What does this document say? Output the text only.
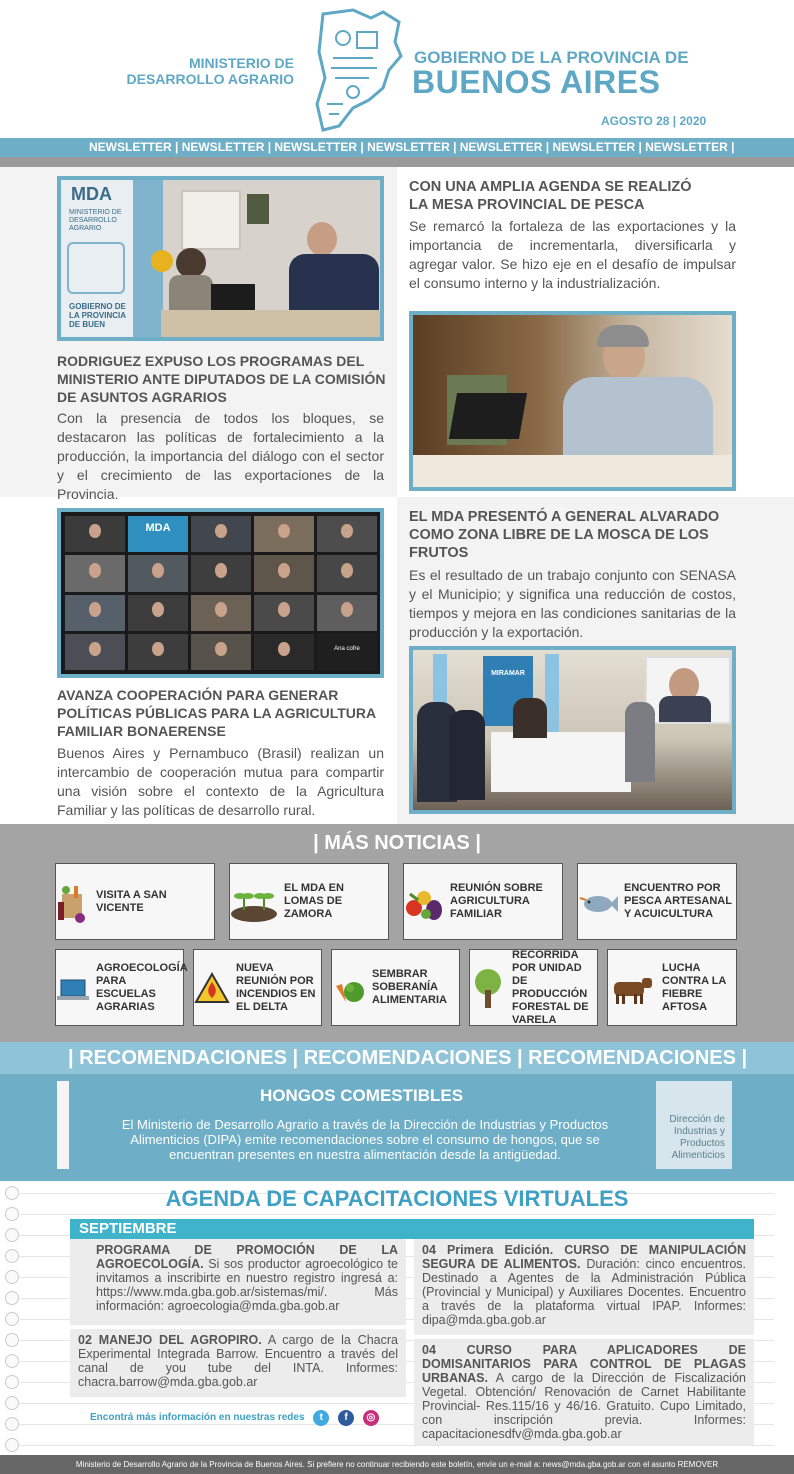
MINISTERIO DE
DESARROLLO AGRARIO
GOBIERNO DE LA PROVINCIA DE
BUENOS AIRES
AGOSTO 28 | 2020
NEWSLETTER | NEWSLETTER | NEWSLETTER | NEWSLETTER | NEWSLETTER | NEWSLETTER | NEWSLETTER |
MDA
MINISTERIO DE DESARROLLO AGRARIO
GOBIERNO DE LA PROVINCIA DE BUEN
RODRIGUEZ EXPUSO LOS PROGRAMAS DEL MINISTERIO ANTE DIPUTADOS DE LA COMISIÓN DE ASUNTOS AGRARIOS
Con la presencia de todos los bloques, se destacaron las políticas de fortalecimiento a la producción, la importancia del diálogo con el sector y el crecimiento de las exportaciones de la Provincia.
CON UNA AMPLIA AGENDA SE REALIZÓ LA MESA PROVINCIAL DE PESCA
Se remarcó la fortaleza de las exportaciones y la importancia de incrementarla, diversificarla y agregar valor. Se hizo eje en el desafío de impulsar el consumo interno y la industrialización.
MDA
Ana cofre
AVANZA COOPERACIÓN PARA GENERAR POLÍTICAS PÚBLICAS PARA LA AGRICULTURA FAMILIAR BONAERENSE
Buenos Aires y Pernambuco (Brasil) realizan un intercambio de cooperación mutua para compartir una visión sobre el contexto de la Agricultura Familiar y las políticas de desarrollo rural.
EL MDA PRESENTÓ A GENERAL ALVARADO COMO ZONA LIBRE DE LA MOSCA DE LOS FRUTOS
Es el resultado de un trabajo conjunto con SENASA y el Municipio; y significa una reducción de costos, tiempos y mejora en las condiciones sanitarias de la producción y la exportación.
MIRAMAR
| MÁS NOTICIAS |
VISITA A SAN VICENTE
EL MDA EN LOMAS DE ZAMORA
REUNIÓN SOBRE AGRICULTURA FAMILIAR
ENCUENTRO POR PESCA ARTESANAL Y ACUICULTURA
AGROECOLOGÍA PARA ESCUELAS AGRARIAS
NUEVA REUNIÓN POR INCENDIOS EN EL DELTA
SEMBRAR SOBERANÍA ALIMENTARIA
RECORRIDA POR UNIDAD DE PRODUCCIÓN FORESTAL DE VARELA
LUCHA CONTRA LA FIEBRE AFTOSA
| RECOMENDACIONES | RECOMENDACIONES | RECOMENDACIONES |
HONGOS COMESTIBLES
El Ministerio de Desarrollo Agrario a través de la Dirección de Industrias y Productos Alimenticios (DIPA) emite recomendaciones sobre el consumo de hongos, que se encuentran presentes en nuestra alimentación desde la antigüedad.
Dirección de Industrias y Productos Alimenticios
AGENDA DE CAPACITACIONES VIRTUALES
SEPTIEMBRE
PROGRAMA DE PROMOCIÓN DE LA AGROECOLOGÍA. Si sos productor agroecológico te invitamos a inscribirte en nuestro registro ingresá a: https://www.mda.gba.gob.ar/sistemas/mi/. Más información: agroecologia@mda.gba.gob.ar
02 MANEJO DEL AGROPIRO. A cargo de la Chacra Experimental Integrada Barrow. Encuentro a través del canal de you tube del INTA. Informes: chacra.barrow@mda.gba.gob.ar
04 Primera Edición. CURSO DE MANIPULACIÓN SEGURA DE ALIMENTOS. Duración: cinco encuentros. Destinado a Agentes de la Administración Pública (Provincial y Municipal) y Auxiliares Docentes. Encuentro a través de la plataforma virtual IPAP. Informes: dipa@mda.gba.gob.ar
04 CURSO PARA APLICADORES DE DOMISANITARIOS PARA CONTROL DE PLAGAS URBANAS. A cargo de la Dirección de Fiscalización Vegetal. Obtención/ Renovación de Carnet Habilitante Provincial- Res.115/16 y 46/16. Gratuito. Cupo Limitado, con inscripción previa. Informes: capacitacionesdfv@mda.gba.gob.ar
Encontrá más información en nuestras redes t f ◎
Ministerio de Desarrollo Agrario de la Provincia de Buenos Aires. Si prefiere no continuar recibiendo este boletín, envíe un e-mail a: news@mda.gba.gob.ar con el asunto REMOVER
